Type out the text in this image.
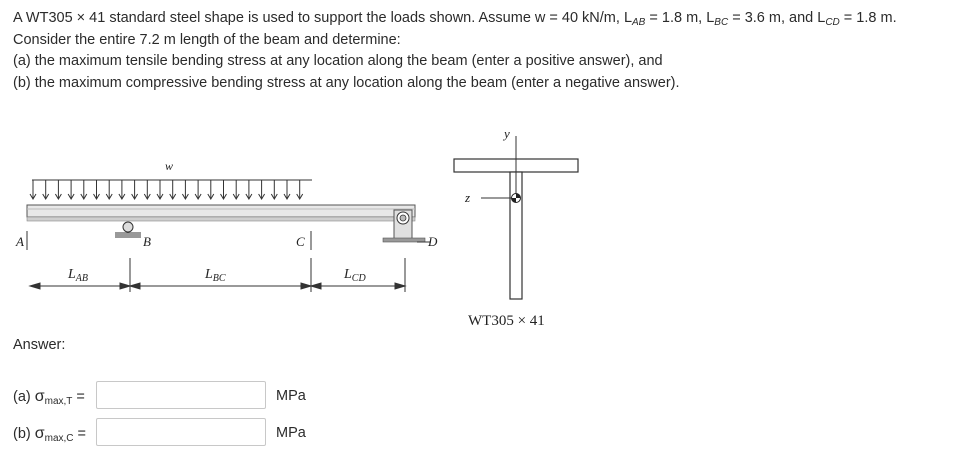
A WT305 × 41 standard steel shape is used to support the loads shown. Assume w = 40 kN/m, $L_{AB} = 1.8$ m, $L_{BC} = 3.6$ m, and $L_{CD} = 1.8$ m.

Consider the entire 7.2 m length of the beam and determine:

(a) the maximum tensile bending stress at any location along the beam (enter a positive answer), and

(b) the maximum compressive bending stress at any location along the beam (enter a negative answer).

w
A	B	C	D
$L_{AB}$	$L_{BC}$	$L_{CD}$
y
z
WT305 × 41
Answer:
(a) $\sigma_{max,T}$ =	MPa
(b) $\sigma_{max,C}$ =	MPa
